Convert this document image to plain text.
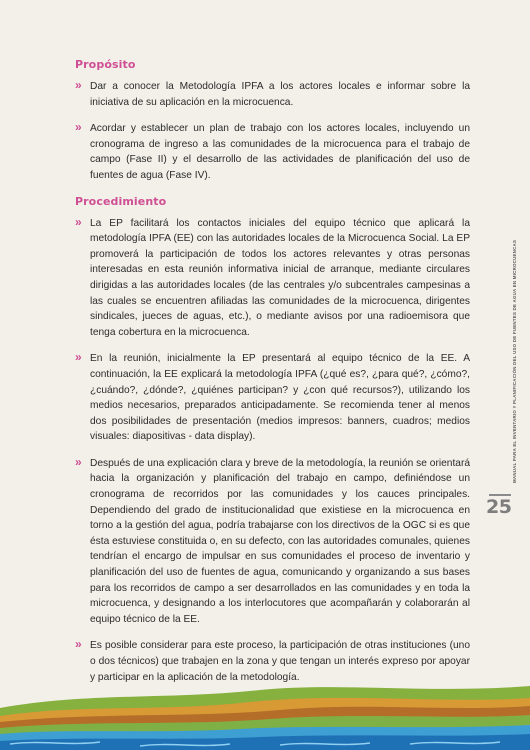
Propósito
» Dar a conocer la Metodología IPFA a los actores locales e informar sobre la iniciativa de su aplicación en la microcuenca.
» Acordar y establecer un plan de trabajo con los actores locales, incluyendo un cronograma de ingreso a las comunidades de la microcuenca para el trabajo de campo (Fase II) y el desarrollo de las actividades de planificación del uso de fuentes de agua (Fase IV).
Procedimiento
» La EP facilitará los contactos iniciales del equipo técnico que aplicará la metodología IPFA (EE) con las autoridades locales de la Microcuenca Social. La EP promoverá la participación de todos los actores relevantes y otras personas interesadas en esta reunión informativa inicial de arranque, mediante circulares dirigidas a las autoridades locales (de las centrales y/o subcentrales campesinas a las cuales se encuentren afiliadas las comunidades de la microcuenca, dirigentes sindicales, jueces de aguas, etc.), o mediante avisos por una radioemisora que tenga cobertura en la microcuenca.
» En la reunión, inicialmente la EP presentará al equipo técnico de la EE. A continuación, la EE explicará la metodología IPFA (¿qué es?, ¿para qué?, ¿cómo?, ¿cuándo?, ¿dónde?, ¿quiénes participan? y ¿con qué recursos?), utilizando los medios necesarios, preparados anticipadamente. Se recomienda tener al menos dos posibilidades de presentación (medios impresos: banners, cuadros; medios visuales: diapositivas - data display).
» Después de una explicación clara y breve de la metodología, la reunión se orientará hacia la organización y planificación del trabajo en campo, definiéndose un cronograma de recorridos por las comunidades y los cauces principales. Dependiendo del grado de institucionalidad que existiese en la microcuenca en torno a la gestión del agua, podría trabajarse con los directivos de la OGC si es que ésta estuviese constituida o, en su defecto, con las autoridades comunales, quienes tendrían el encargo de impulsar en sus comunidades el proceso de inventario y planificación del uso de fuentes de agua, comunicando y organizando a sus bases para los recorridos de campo a ser desarrollados en las comunidades y en toda la microcuenca, y designando a los interlocutores que acompañarán y colaborarán al equipo técnico de la EE.
» Es posible considerar para este proceso, la participación de otras instituciones (uno o dos técnicos) que trabajen en la zona y que tengan un interés expreso por apoyar y participar en la aplicación de la metodología.
MANUAL PARA EL INVENTARIO Y PLANIFICACIÓN DEL USO DE FUENTES DE AGUA EN MICROCUENCAS
25
